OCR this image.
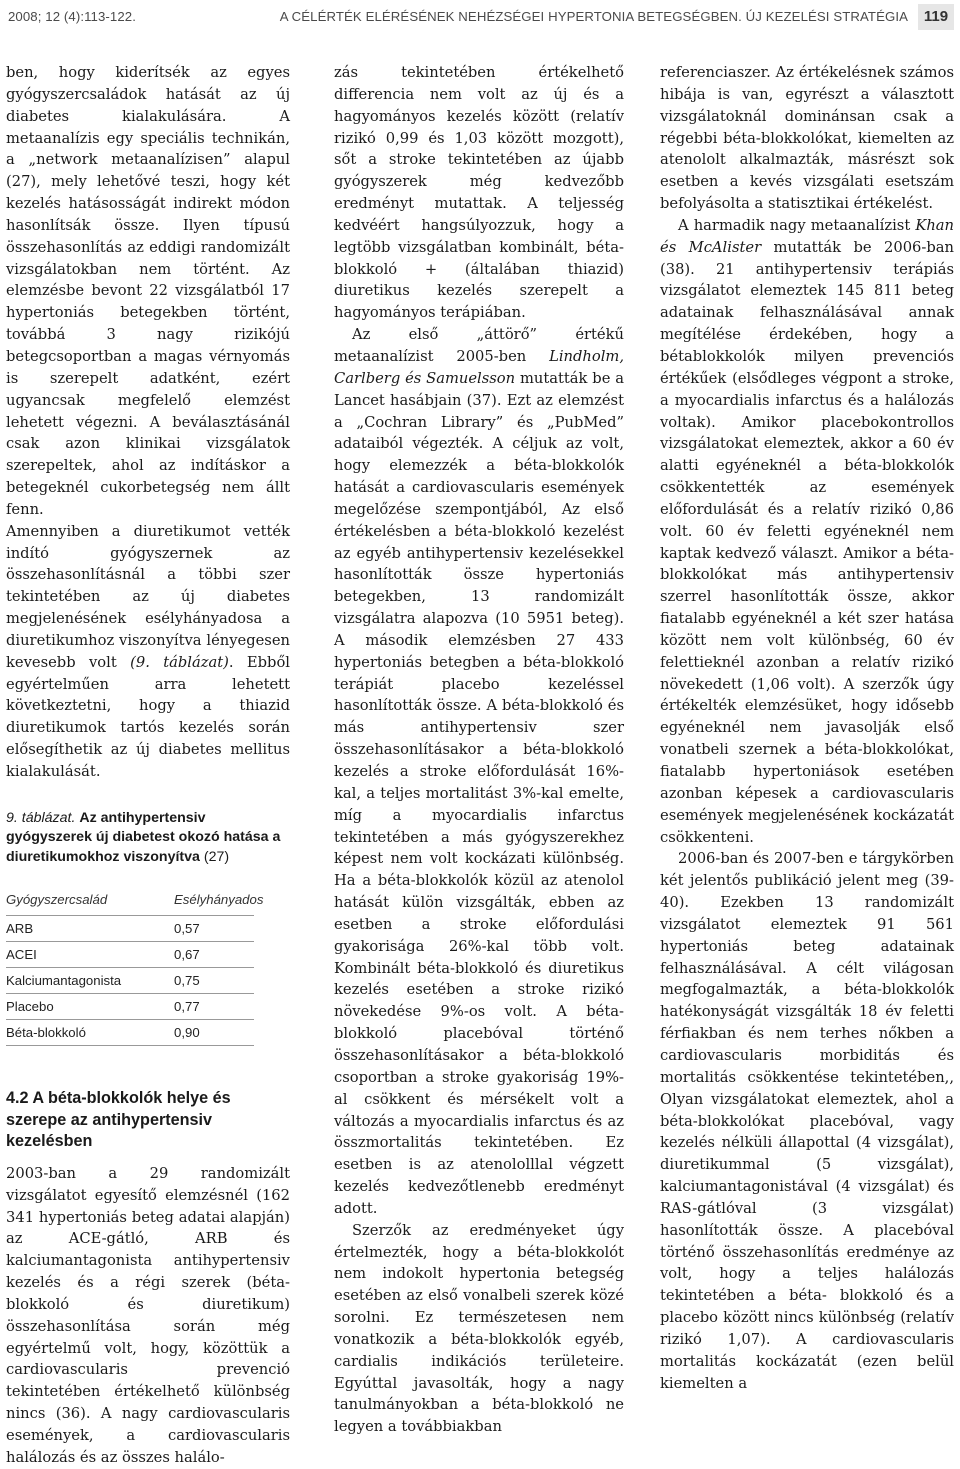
2008; 12 (4):113-122.	A CÉLÉRTÉK ELÉRÉSÉNEK NEHÉZSÉGEI HYPERTONIA BETEGSÉGBEN. ÚJ KEZELÉSI STRATÉGIA	119

ben, hogy kiderítsék az egyes gyógyszercsaládok hatását az új diabetes kialakulására. A metaanalízis egy speciális technikán, a „network metaanalízisen” alapul (27), mely lehetővé teszi, hogy két kezelés hatásosságát indirekt módon hasonlítsák össze. Ilyen típusú összehasonlítás az eddigi randomizált vizsgálatokban nem történt. Az elemzésbe bevont 22 vizsgálatból 17 hypertoniás betegekben történt, továbbá 3 nagy rizikójú betegcsoportban a magas vérnyomás is szerepelt adatként, ezért ugyancsak megfelelő elemzést lehetett végezni. A beválasztásánál csak azon klinikai vizsgálatok szerepeltek, ahol az indításkor a betegeknél cukorbetegség nem állt fenn.

Amennyiben a diuretikumot vették indító gyógyszernek az összehasonlításnál a többi szer tekintetében az új diabetes megjelenésének esélyhányadosa a diuretikumhoz viszonyítva lényegesen kevesebb volt (9. táblázat). Ebből egyértelműen arra lehetett következtetni, hogy a thiazid diuretikumok tartós kezelés során elősegíthetik az új diabetes mellitus kialakulását.

9. táblázat. Az antihypertensiv gyógyszerek új diabetest okozó hatása a diuretikumokhoz viszonyítva (27)

Gyógyszercsalád	Esélyhányados
ARB	0,57
ACEI	0,67
Kalciumantagonista	0,75
Placebo	0,77
Béta-blokkoló	0,90

4.2 A béta-blokkolók helye és szerepe az antihypertensiv kezelésben

2003-ban a 29 randomizált vizsgálatot egyesítő elemzésnél (162 341 hypertoniás beteg adatai alapján) az ACE-gátló, ARB és kalciumantagonista antihypertensiv kezelés és a régi szerek (béta-blokkoló és diuretikum) összehasonlítása során még egyértelmű volt, hogy, közöttük a cardiovascularis prevenció tekintetében értékelhető különbség nincs (36). A nagy cardiovascularis események, a cardiovascularis halálozás és az összes halálo-

zás tekintetében értékelhető differencia nem volt az új és a hagyományos kezelés között (relatív rizikó 0,99 és 1,03 között mozgott), sőt a stroke tekintetében az újabb gyógyszerek még kedvezőbb eredményt mutattak. A teljesség kedvéért hangsúlyozzuk, hogy a legtöbb vizsgálatban kombinált, béta-blokkoló + (általában thiazid) diuretikus kezelés szerepelt a hagyományos terápiában.

Az első „áttörő” értékű metaanalízist 2005-ben Lindholm, Carlberg és Samuelsson mutatták be a Lancet hasábjain (37). Ezt az elemzést a „Cochran Library” és „PubMed” adataiból végezték. A céljuk az volt, hogy elemezzék a béta-blokkolók hatását a cardiovascularis események megelőzése szempontjából, Az első értékelésben a béta-blokkoló kezelést az egyéb antihypertensiv kezelésekkel hasonlították össze hypertoniás betegekben, 13 randomizált vizsgálatra alapozva (10 5951 beteg). A második elemzésben 27 433 hypertoniás betegben a béta-blokkoló terápiát placebo kezeléssel hasonlították össze. A béta-blokkoló és más antihypertensiv szer összehasonlításakor a béta-blokkoló kezelés a stroke előfordulását 16%-kal, a teljes mortalitást 3%-kal emelte, míg a myocardialis infarctus tekintetében a más gyógyszerekhez képest nem volt kockázati különbség. Ha a béta-blokkolók közül az atenolol hatását külön vizsgálták, ebben az esetben a stroke előfordulási gyakorisága 26%-kal több volt. Kombinált béta-blokkoló és diuretikus kezelés esetében a stroke rizikó növekedése 9%-os volt. A béta-blokkoló placebóval történő összehasonlításakor a béta-blokkoló csoportban a stroke gyakoriság 19%-al csökkent és mérsékelt volt a változás a myocardialis infarctus és az összmortalitás tekintetében. Ez esetben is az atenololllal végzett kezelés kedvezőtlenebb eredményt adott.

Szerzők az eredményeket úgy értelmezték, hogy a béta-blokkolót nem indokolt hypertonia betegség esetében az első vonalbeli szerek közé sorolni. Ez természetesen nem vonatkozik a béta-blokkolók egyéb, cardialis indikációs területeire. Egyúttal javasolták, hogy a nagy tanulmányokban a béta-blokkoló ne legyen a továbbiakban

referenciaszer. Az értékelésnek számos hibája is van, egyrészt a választott vizsgálatoknál dominánsan csak a régebbi béta-blokkolókat, kiemelten az atenololt alkalmazták, másrészt sok esetben a kevés vizsgálati esetszám befolyásolta a statisztikai értékelést.

A harmadik nagy metaanalízist Khan és McAlister mutatták be 2006-ban (38). 21 antihypertensiv terápiás vizsgálatot elemeztek 145 811 beteg adatainak felhasználásával annak megítélése érdekében, hogy a bétablokkolók milyen prevenciós értékűek (elsődleges végpont a stroke, a myocardialis infarctus és a halálozás voltak). Amikor placebokontrollos vizsgálatokat elemeztek, akkor a 60 év alatti egyéneknél a béta-blokkolók csökkentették az események előfordulását és a relatív rizikó 0,86 volt. 60 év feletti egyéneknél nem kaptak kedvező választ. Amikor a béta-blokkolókat más antihypertensiv szerrel hasonlították össze, akkor fiatalabb egyéneknél a két szer hatása között nem volt különbség, 60 év felettieknél azonban a relatív rizikó növekedett (1,06 volt). A szerzők úgy értékelték elemzésüket, hogy idősebb egyéneknél nem javasolják első vonatbeli szernek a béta-blokkolókat, fiatalabb hypertoniások esetében azonban képesek a cardiovascularis események megjelenésének kockázatát csökkenteni.

2006-ban és 2007-ben e tárgykörben két jelentős publikáció jelent meg (39-40). Ezekben 13 randomizált vizsgálatot elemeztek 91 561 hypertoniás beteg adatainak felhasználásával. A célt világosan megfogalmazták, a béta-blokkolók hatékonyságát vizsgálták 18 év feletti férfiakban és nem terhes nőkben a cardiovascularis morbiditás és mortalitás csökkentése tekintetében,, Olyan vizsgálatokat elemeztek, ahol a béta-blokkolókat placebóval, vagy kezelés nélküli állapottal (4 vizsgálat), diuretikummal (5 vizsgálat), kalciumantagonistával (4 vizsgálat) és RAS-gátlóval (3 vizsgálat) hasonlították össze. A placebóval történő összehasonlítás eredménye az volt, hogy a teljes halálozás tekintetében a béta- blokkoló és a placebo között nincs különbség (relatív rizikó 1,07). A cardiovascularis mortalitás kockázatát (ezen belül kiemelten a
